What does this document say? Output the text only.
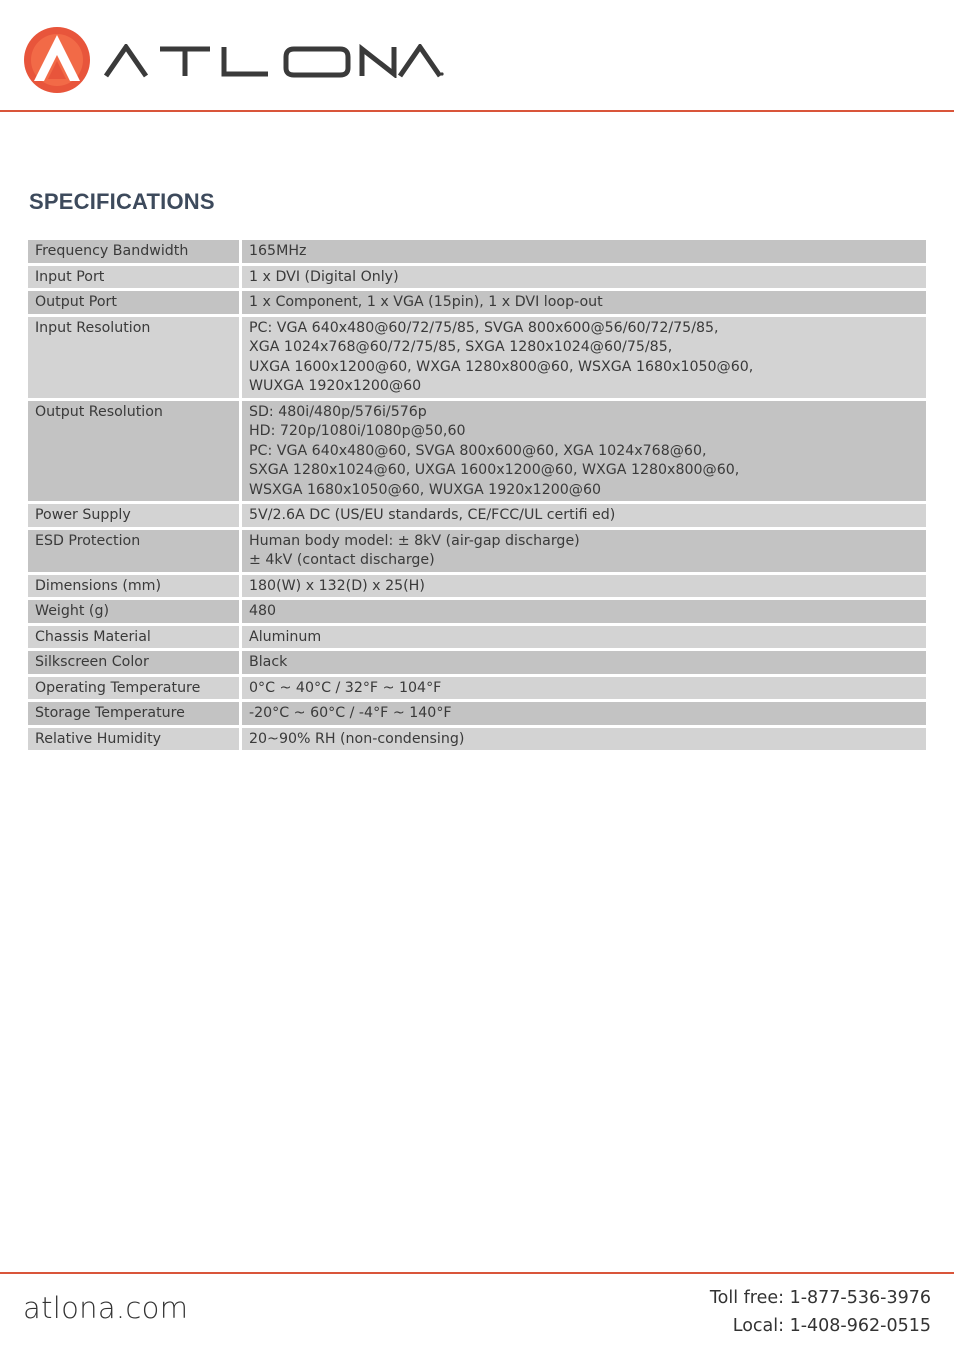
SPECIFICATIONS
Frequency Bandwidth	165MHz
Input Port	1 x DVI (Digital Only)
Output Port	1 x Component, 1 x VGA (15pin), 1 x DVI loop-out
Input Resolution	PC: VGA 640x480@60/72/75/85, SVGA 800x600@56/60/72/75/85,
XGA 1024x768@60/72/75/85, SXGA 1280x1024@60/75/85,
UXGA 1600x1200@60, WXGA 1280x800@60, WSXGA 1680x1050@60,
WUXGA 1920x1200@60
Output Resolution	SD: 480i/480p/576i/576p
HD: 720p/1080i/1080p@50,60
PC: VGA 640x480@60, SVGA 800x600@60, XGA 1024x768@60,
SXGA 1280x1024@60, UXGA 1600x1200@60, WXGA 1280x800@60,
WSXGA 1680x1050@60, WUXGA 1920x1200@60
Power Supply	5V/2.6A DC (US/EU standards, CE/FCC/UL certifi ed)
ESD Protection	Human body model: ± 8kV (air-gap discharge)
± 4kV (contact discharge)
Dimensions (mm)	180(W) x 132(D) x 25(H)
Weight (g)	480
Chassis Material	Aluminum
Silkscreen Color	Black
Operating Temperature	0°C ~ 40°C / 32°F ~ 104°F
Storage Temperature	-20°C ~ 60°C / -4°F ~ 140°F
Relative Humidity	20~90% RH (non-condensing)
atlona.com	Toll free: 1-877-536-3976
Local: 1-408-962-0515
